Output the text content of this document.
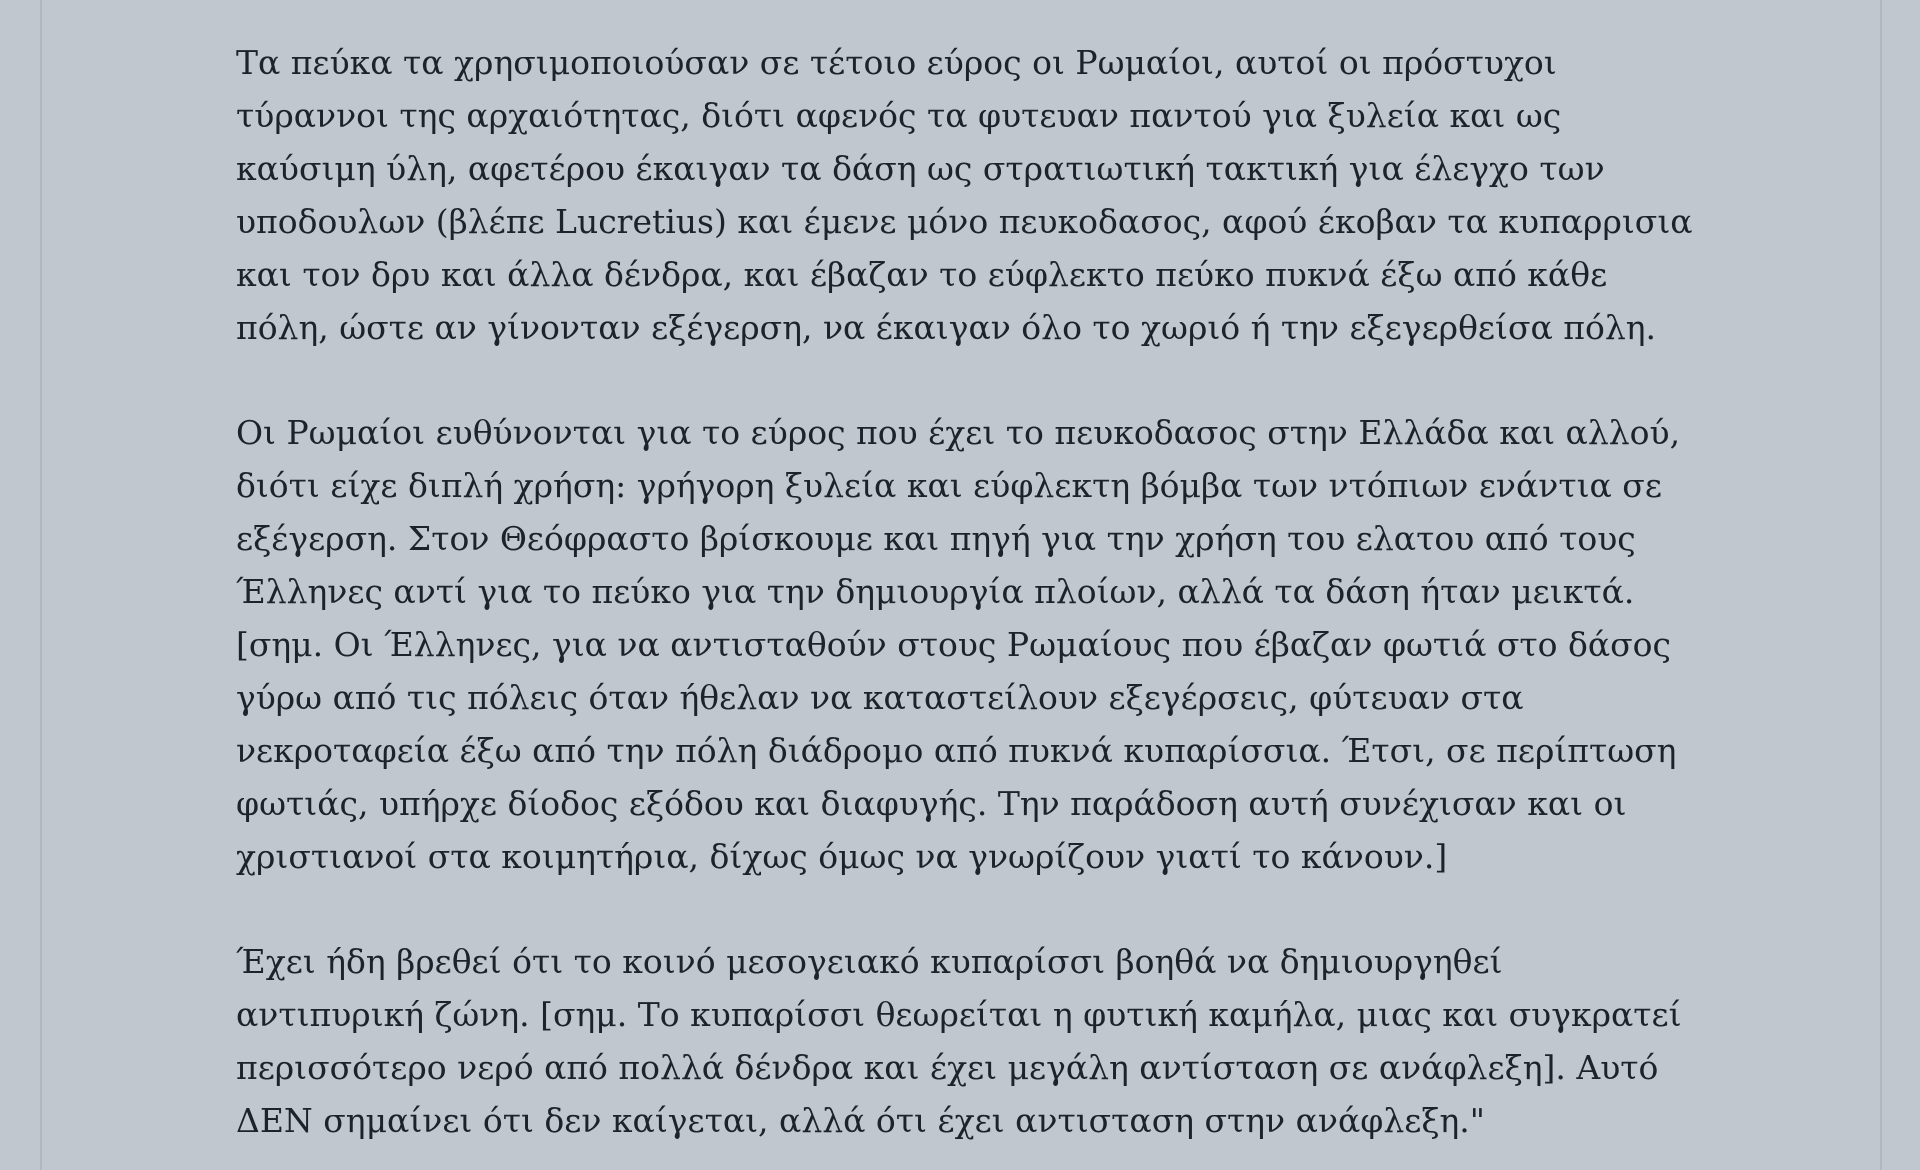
Τα πεύκα τα χρησιμοποιούσαν σε τέτοιο εύρος οι Ρωμαίοι, αυτοί οι πρόστυχοι τύραννοι της αρχαιότητας, διότι αφενός τα φυτευαν παντού για ξυλεία και ως καύσιμη ύλη, αφετέρου έκαιγαν τα δάση ως στρατιωτική τακτική για έλεγχο των υποδουλων (βλέπε Lucretius) και έμενε μόνο πευκοδασος, αφού έκοβαν τα κυπαρρισια και τον δρυ και άλλα δένδρα, και έβαζαν το εύφλεκτο πεύκο πυκνά έξω από κάθε πόλη, ώστε αν γίνονταν εξέγερση, να έκαιγαν όλο το χωριό ή την εξεγερθείσα πόλη.

Οι Ρωμαίοι ευθύνονται για το εύρος που έχει το πευκοδασος στην Ελλάδα και αλλού, διότι είχε διπλή χρήση: γρήγορη ξυλεία και εύφλεκτη βόμβα των ντόπιων ενάντια σε εξέγερση. Στον Θεόφραστο βρίσκουμε και πηγή για την χρήση του ελατου από τους Έλληνες αντί για το πεύκο για την δημιουργία πλοίων, αλλά τα δάση ήταν μεικτά. [σημ. Οι Έλληνες, για να αντισταθούν στους Ρωμαίους που έβαζαν φωτιά στο δάσος γύρω από τις πόλεις όταν ήθελαν να καταστείλουν εξεγέρσεις, φύτευαν στα νεκροταφεία έξω από την πόλη διάδρομο από πυκνά κυπαρίσσια. Έτσι, σε περίπτωση φωτιάς, υπήρχε δίοδος εξόδου και διαφυγής. Την παράδοση αυτή συνέχισαν και οι χριστιανοί στα κοιμητήρια, δίχως όμως να γνωρίζουν γιατί το κάνουν.]

Έχει ήδη βρεθεί ότι το κοινό μεσογειακό κυπαρίσσι βοηθά να δημιουργηθεί αντιπυρική ζώνη. [σημ. Το κυπαρίσσι θεωρείται η φυτική καμήλα, μιας και συγκρατεί περισσότερο νερό από πολλά δένδρα και έχει μεγάλη αντίσταση σε ανάφλεξη]. Αυτό ΔΕΝ σημαίνει ότι δεν καίγεται, αλλά ότι έχει αντισταση στην ανάφλεξη."
